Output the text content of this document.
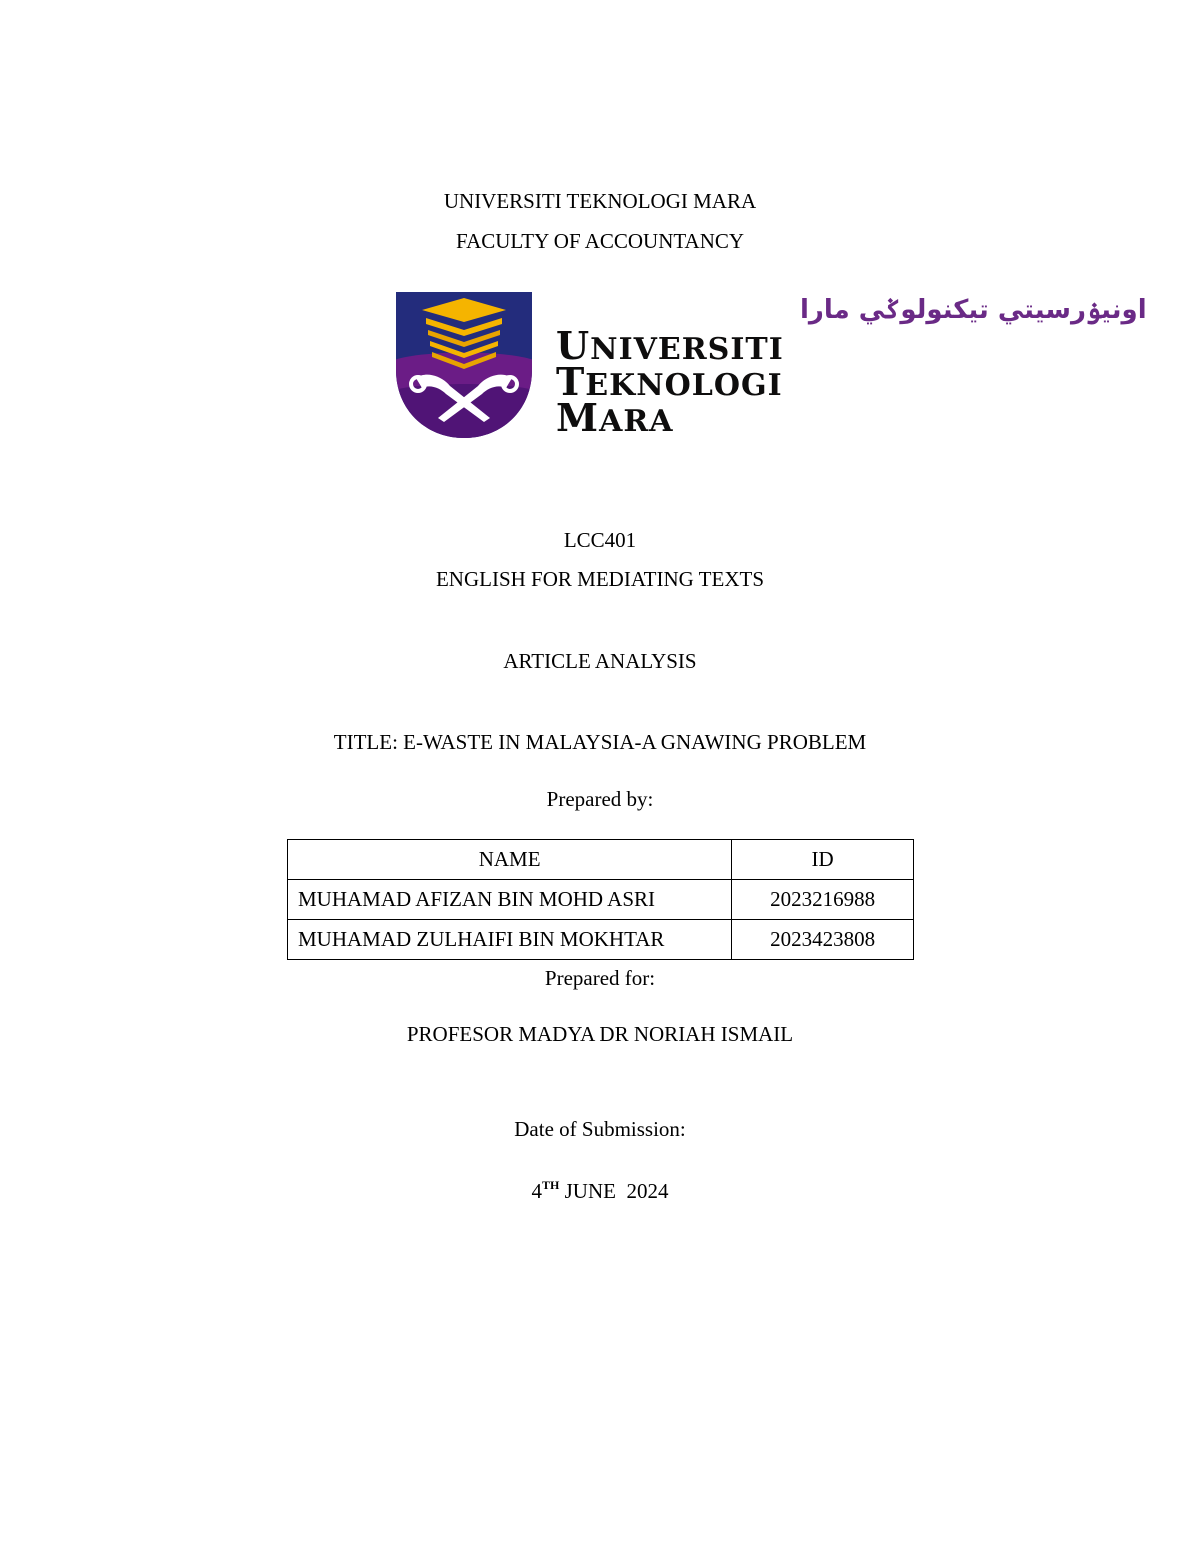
UNIVERSITI TEKNOLOGI MARA
FACULTY OF ACCOUNTANCY
اونيۏرسيتي تيكنولوݢي مارا
UNIVERSITI
TEKNOLOGI
MARA
LCC401
ENGLISH FOR MEDIATING TEXTS
ARTICLE ANALYSIS
TITLE: E-WASTE IN MALAYSIA-A GNAWING PROBLEM
Prepared by:
NAME	ID
MUHAMAD AFIZAN BIN MOHD ASRI	2023216988
MUHAMAD ZULHAIFI BIN MOKHTAR	2023423808
Prepared for:
PROFESOR MADYA DR NORIAH ISMAIL
Date of Submission:
4TH JUNE  2024
